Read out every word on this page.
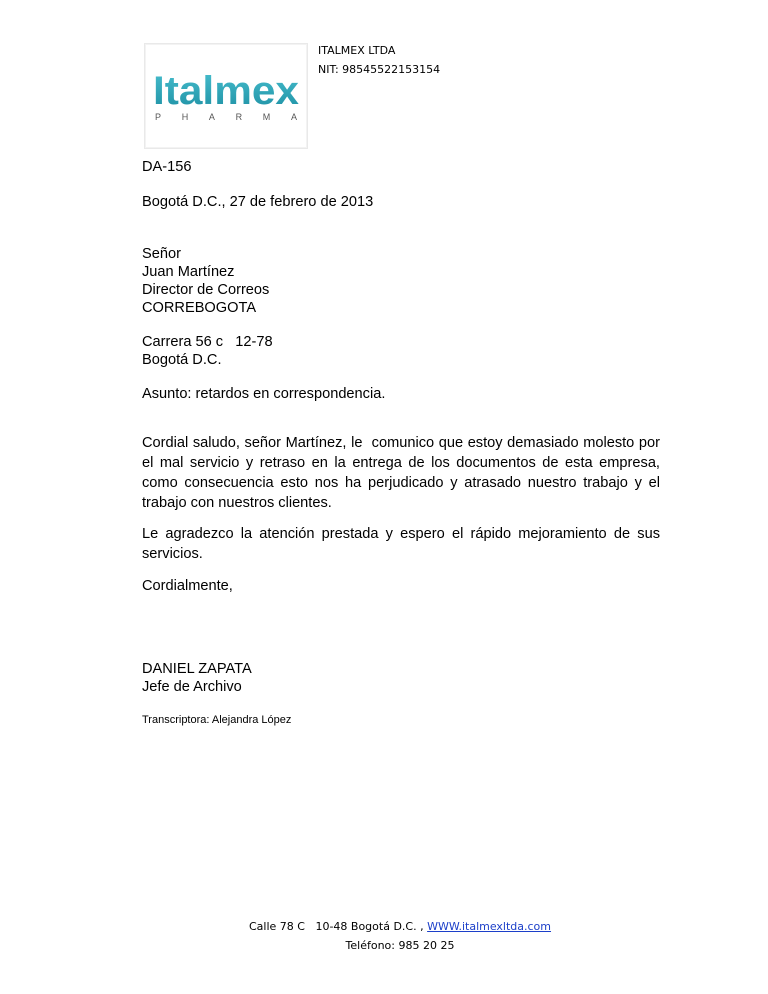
Italmex
PHARMA
ITALMEX LTDA
NIT: 98545522153154
DA-156
Bogotá D.C., 27 de febrero de 2013
Señor
Juan Martínez
Director de Correos
CORREBOGOTA
Carrera 56 c   12-78
Bogotá D.C.
Asunto: retardos en correspondencia.
Cordial saludo, señor Martínez, le  comunico que estoy demasiado molesto por el mal servicio y retraso en la entrega de los documentos de esta empresa, como consecuencia esto nos ha perjudicado y atrasado nuestro trabajo y el trabajo con nuestros clientes.
Le agradezco la atención prestada y espero el rápido mejoramiento de sus servicios.
Cordialmente,
DANIEL ZAPATA
Jefe de Archivo
Transcriptora: Alejandra López
Calle 78 C   10-48 Bogotá D.C. , WWW.italmexltda.com
Teléfono: 985 20 25
